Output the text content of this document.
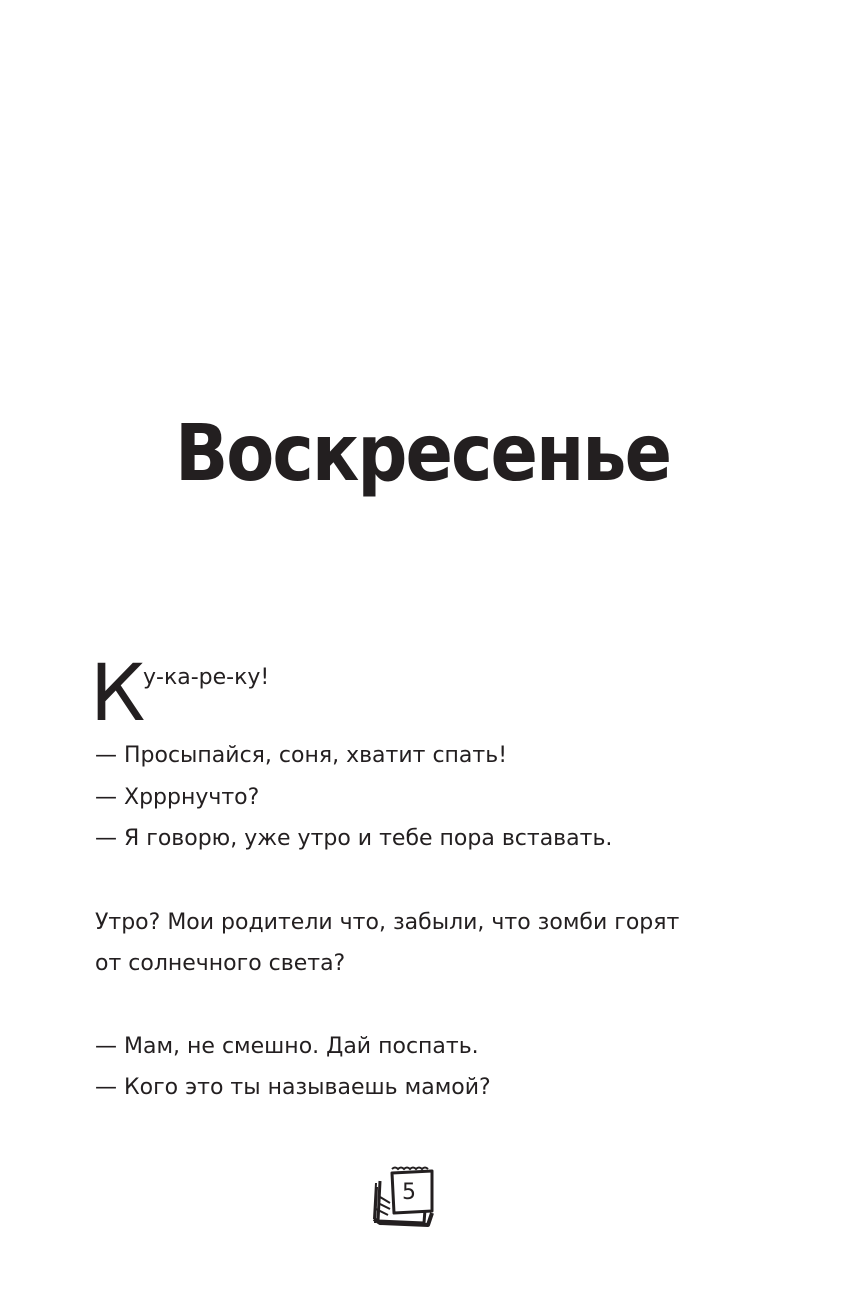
Воскресенье
К
у-ка-ре-ку!
— Просыпайся, соня, хватит спать!
— Хрррнучто?
— Я говорю, уже утро и тебе пора вставать.
Утро? Мои родители что, забыли, что зомби горят
от солнечного света?
— Мам, не смешно. Дай поспать.
— Кого это ты называешь мамой?
5
